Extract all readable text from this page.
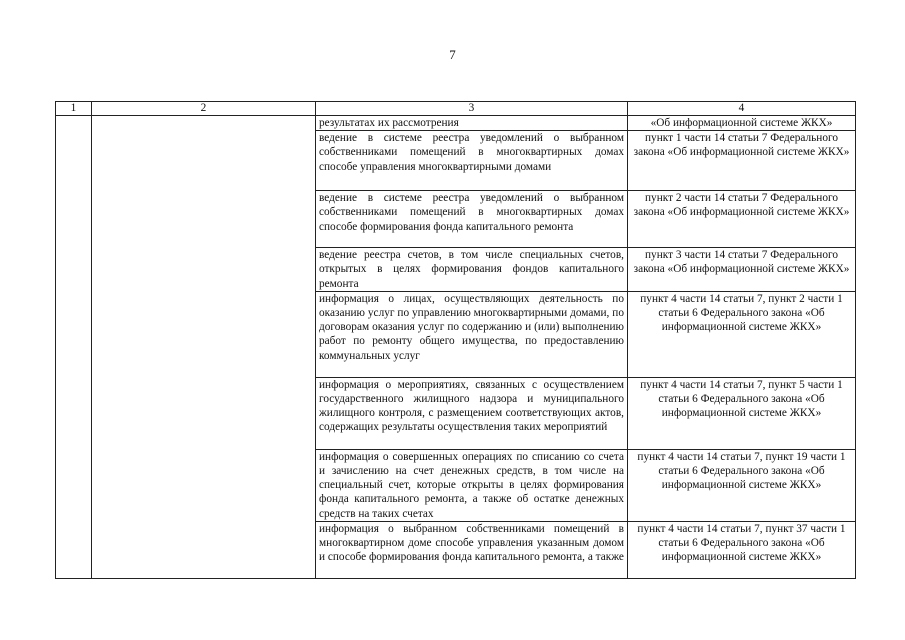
7
1	2	3	4
		результатах их рассмотрения	«Об информационной системе ЖКХ»
		ведение в системе реестра уведомлений о выбранном собственниками помещений в многоквартирных домах способе управления многоквартирными домами	пункт 1 части 14 статьи 7 Федерального закона «Об информационной системе ЖКХ»
		ведение в системе реестра уведомлений о выбранном собственниками помещений в многоквартирных домах способе формирования фонда капитального ремонта	пункт 2 части 14 статьи 7 Федерального закона «Об информационной системе ЖКХ»
		ведение реестра счетов, в том числе специальных счетов, открытых в целях формирования фондов капитального ремонта	пункт 3 части 14 статьи 7 Федерального закона «Об информационной системе ЖКХ»
		информация о лицах, осуществляющих деятельность по оказанию услуг по управлению многоквартирными домами, по договорам оказания услуг по содержанию и (или) выполнению работ по ремонту общего имущества, по предоставлению коммунальных услуг	пункт 4 части 14 статьи 7, пункт 2 части 1 статьи 6 Федерального закона «Об информационной системе ЖКХ»
		информация о мероприятиях, связанных с осуществлением государственного жилищного надзора и муниципального жилищного контроля, с размещением соответствующих актов, содержащих результаты осуществления таких мероприятий	пункт 4 части 14 статьи 7, пункт 5 части 1 статьи 6 Федерального закона «Об информационной системе ЖКХ»
		информация о совершенных операциях по списанию со счета и зачислению на счет денежных средств, в том числе на специальный счет, которые открыты в целях формирования фонда капитального ремонта, а также об остатке денежных средств на таких счетах	пункт 4 части 14 статьи 7, пункт 19 части 1 статьи 6 Федерального закона «Об информационной системе ЖКХ»
		информация о выбранном собственниками помещений в многоквартирном доме способе управления указанным домом и способе формирования фонда капитального ремонта, а также	пункт 4 части 14 статьи 7, пункт 37 части 1 статьи 6 Федерального закона «Об информационной системе ЖКХ»
